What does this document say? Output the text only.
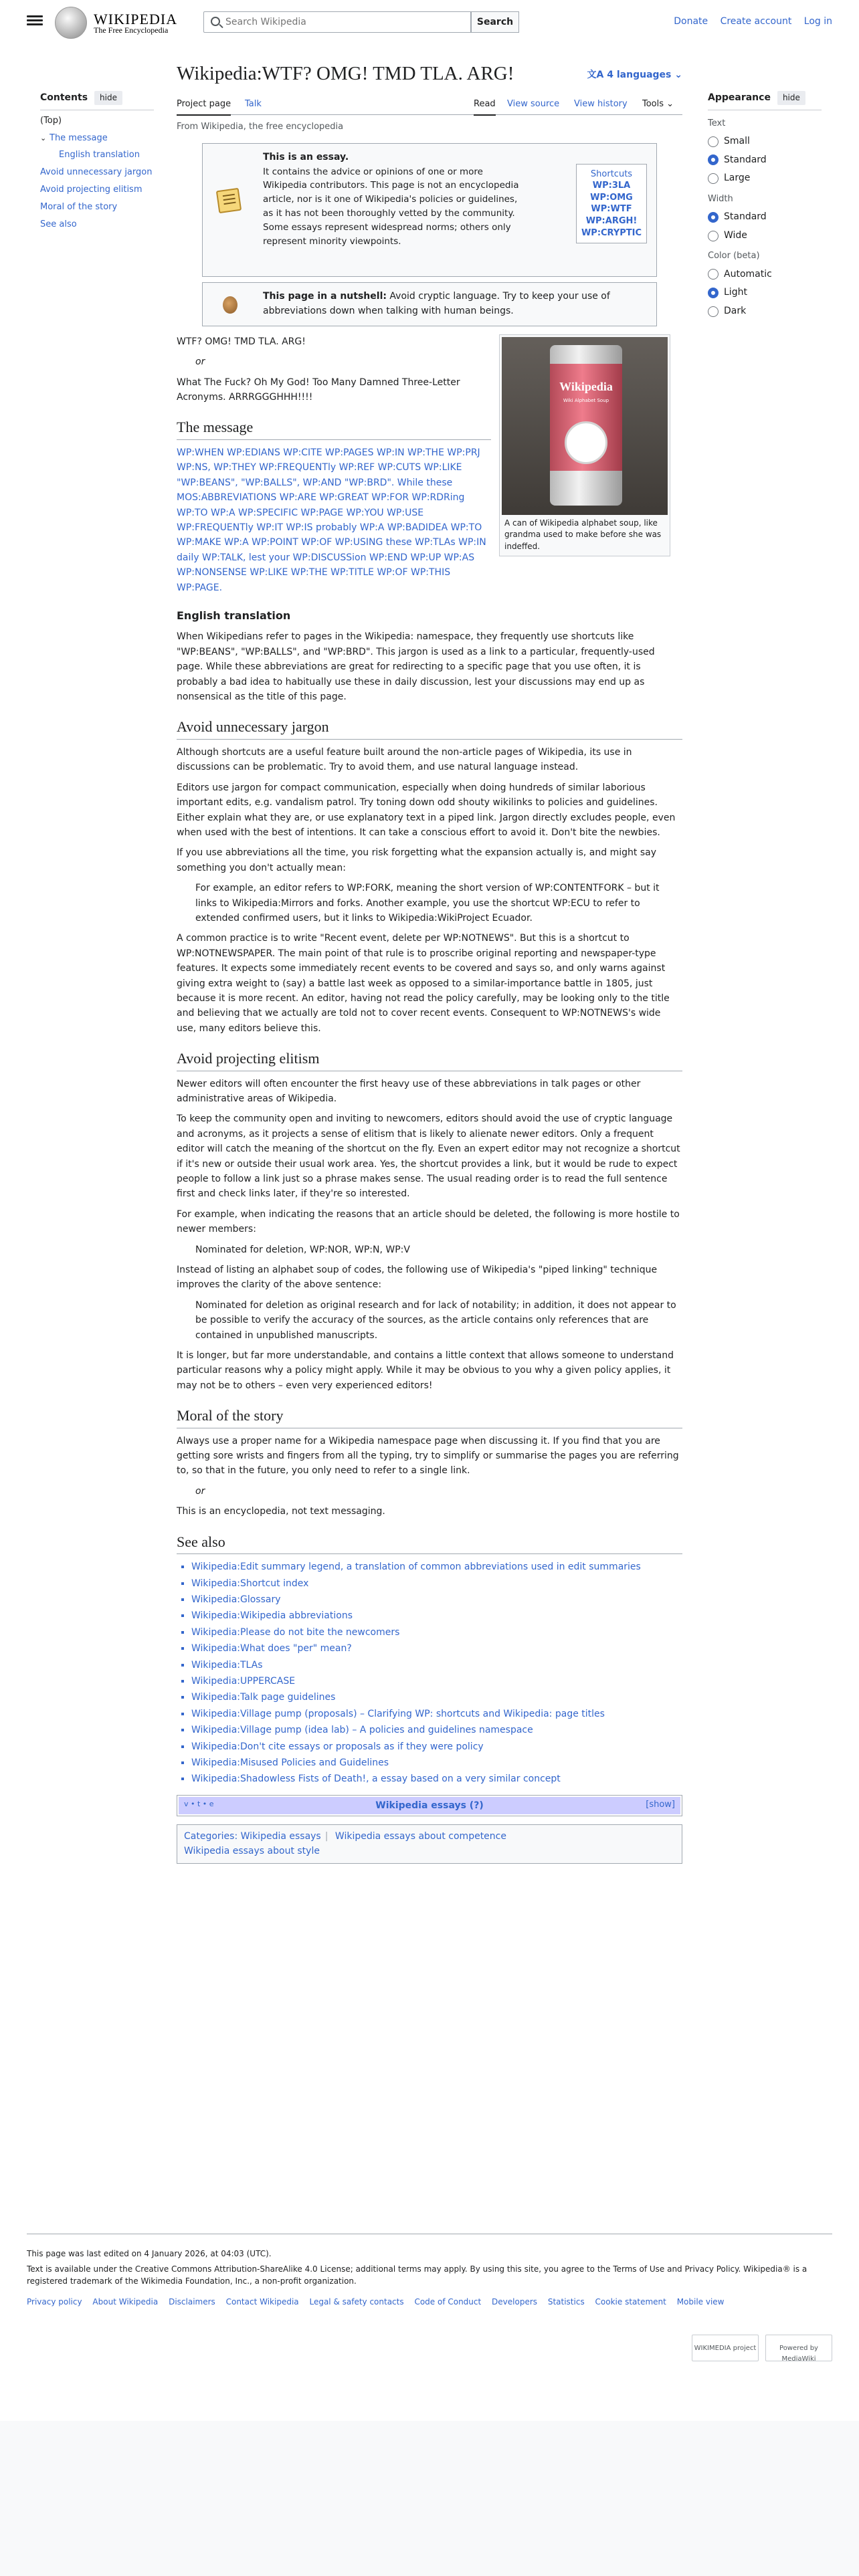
WIKIPEDIA
The Free Encyclopedia
Search Wikipedia
Search	Donate Create account Log in
Contents hide
(Top)
⌄ The message
English translation
Avoid unnecessary jargon
Avoid projecting elitism
Moral of the story
See also
Wikipedia:WTF? OMG! TMD TLA. ARG!	文A 4 languages ⌄
Project page Talk	Read View source View history Tools ⌄
From Wikipedia, the free encyclopedia
This is an essay.
It contains the advice or opinions of one or more Wikipedia contributors. This page is not an encyclopedia article, nor is it one of Wikipedia's policies or guidelines, as it has not been thoroughly vetted by the community. Some essays represent widespread norms; others only represent minority viewpoints.
Shortcuts
WP:3LA
WP:OMG
WP:WTF
WP:ARGH!
WP:CRYPTIC
This page in a nutshell: Avoid cryptic language. Try to keep your use of abbreviations down when talking with human beings.
Wikipedia
Wiki Alphabet Soup
A can of Wikipedia alphabet soup, like grandma used to make before she was indeffed.

WTF? OMG! TMD TLA. ARG!

or

What The Fuck? Oh My God! Too Many Damned Three-Letter Acronyms. ARRRGGGHHH!!!!

The message

WP:WHEN WP:EDIANS WP:CITE WP:PAGES WP:IN WP:THE WP:PRJ WP:NS, WP:THEY WP:FREQUENTly WP:REF WP:CUTS WP:LIKE "WP:BEANS", "WP:BALLS", WP:AND "WP:BRD". While these MOS:ABBREVIATIONS WP:ARE WP:GREAT WP:FOR WP:RDRing WP:TO WP:A WP:SPECIFIC WP:PAGE WP:YOU WP:USE WP:FREQUENTly WP:IT WP:IS probably WP:A WP:BADIDEA WP:TO WP:MAKE WP:A WP:POINT WP:OF WP:USING these WP:TLAs WP:IN daily WP:TALK, lest your WP:DISCUSSion WP:END WP:UP WP:AS WP:NONSENSE WP:LIKE WP:THE WP:TITLE WP:OF WP:THIS WP:PAGE.

English translation

When Wikipedians refer to pages in the Wikipedia: namespace, they frequently use shortcuts like "WP:BEANS", "WP:BALLS", and "WP:BRD". This jargon is used as a link to a particular, frequently-used page. While these abbreviations are great for redirecting to a specific page that you use often, it is probably a bad idea to habitually use these in daily discussion, lest your discussions may end up as nonsensical as the title of this page.

Avoid unnecessary jargon

Although shortcuts are a useful feature built around the non-article pages of Wikipedia, its use in discussions can be problematic. Try to avoid them, and use natural language instead.

Editors use jargon for compact communication, especially when doing hundreds of similar laborious important edits, e.g. vandalism patrol. Try toning down odd shouty wikilinks to policies and guidelines. Either explain what they are, or use explanatory text in a piped link. Jargon directly excludes people, even when used with the best of intentions. It can take a conscious effort to avoid it. Don't bite the newbies.

If you use abbreviations all the time, you risk forgetting what the expansion actually is, and might say something you don't actually mean:

For example, an editor refers to WP:FORK, meaning the short version of WP:CONTENTFORK – but it links to Wikipedia:Mirrors and forks. Another example, you use the shortcut WP:ECU to refer to extended confirmed users, but it links to Wikipedia:WikiProject Ecuador.

A common practice is to write "Recent event, delete per WP:NOTNEWS". But this is a shortcut to WP:NOTNEWSPAPER. The main point of that rule is to proscribe original reporting and newspaper-type features. It expects some immediately recent events to be covered and says so, and only warns against giving extra weight to (say) a battle last week as opposed to a similar-importance battle in 1805, just because it is more recent. An editor, having not read the policy carefully, may be looking only to the title and believing that we actually are told not to cover recent events. Consequent to WP:NOTNEWS's wide use, many editors believe this.

Avoid projecting elitism

Newer editors will often encounter the first heavy use of these abbreviations in talk pages or other administrative areas of Wikipedia.

To keep the community open and inviting to newcomers, editors should avoid the use of cryptic language and acronyms, as it projects a sense of elitism that is likely to alienate newer editors. Only a frequent editor will catch the meaning of the shortcut on the fly. Even an expert editor may not recognize a shortcut if it's new or outside their usual work area. Yes, the shortcut provides a link, but it would be rude to expect people to follow a link just so a phrase makes sense. The usual reading order is to read the full sentence first and check links later, if they're so interested.

For example, when indicating the reasons that an article should be deleted, the following is more hostile to newer members:

Nominated for deletion, WP:NOR, WP:N, WP:V

Instead of listing an alphabet soup of codes, the following use of Wikipedia's "piped linking" technique improves the clarity of the above sentence:

Nominated for deletion as original research and for lack of notability; in addition, it does not appear to be possible to verify the accuracy of the sources, as the article contains only references that are contained in unpublished manuscripts.

It is longer, but far more understandable, and contains a little context that allows someone to understand particular reasons why a policy might apply. While it may be obvious to you why a given policy applies, it may not be to others – even very experienced editors!

Moral of the story

Always use a proper name for a Wikipedia namespace page when discussing it. If you find that you are getting sore wrists and fingers from all the typing, try to simplify or summarise the pages you are referring to, so that in the future, you only need to refer to a single link.

or

This is an encyclopedia, not text messaging.

See also
▪ Wikipedia:Edit summary legend, a translation of common abbreviations used in edit summaries
▪ Wikipedia:Shortcut index
▪ Wikipedia:Glossary
▪ Wikipedia:Wikipedia abbreviations
▪ Wikipedia:Please do not bite the newcomers
▪ Wikipedia:What does "per" mean?
▪ Wikipedia:TLAs
▪ Wikipedia:UPPERCASE
▪ Wikipedia:Talk page guidelines
▪ Wikipedia:Village pump (proposals) – Clarifying WP: shortcuts and Wikipedia: page titles
▪ Wikipedia:Village pump (idea lab) – A policies and guidelines namespace
▪ Wikipedia:Don't cite essays or proposals as if they were policy
▪ Wikipedia:Misused Policies and Guidelines
▪ Wikipedia:Shadowless Fists of Death!, a essay based on a very similar concept
v • t • e	Wikipedia essays (?)	[show]
Categories: Wikipedia essays | Wikipedia essays about competence
Wikipedia essays about style
Appearance hide
Text
Small
Standard
Large
Width
Standard
Wide
Color (beta)
Automatic
Light
Dark

This page was last edited on 4 January 2026, at 04:03 (UTC).

Text is available under the Creative Commons Attribution-ShareAlike 4.0 License; additional terms may apply. By using this site, you agree to the Terms of Use and Privacy Policy. Wikipedia® is a registered trademark of the Wikimedia Foundation, Inc., a non-profit organization.

Privacy policy About Wikipedia Disclaimers Contact Wikipedia Legal & safety contacts Code of Conduct Developers Statistics Cookie statement Mobile view
WIKIMEDIA project	Powered by MediaWiki
